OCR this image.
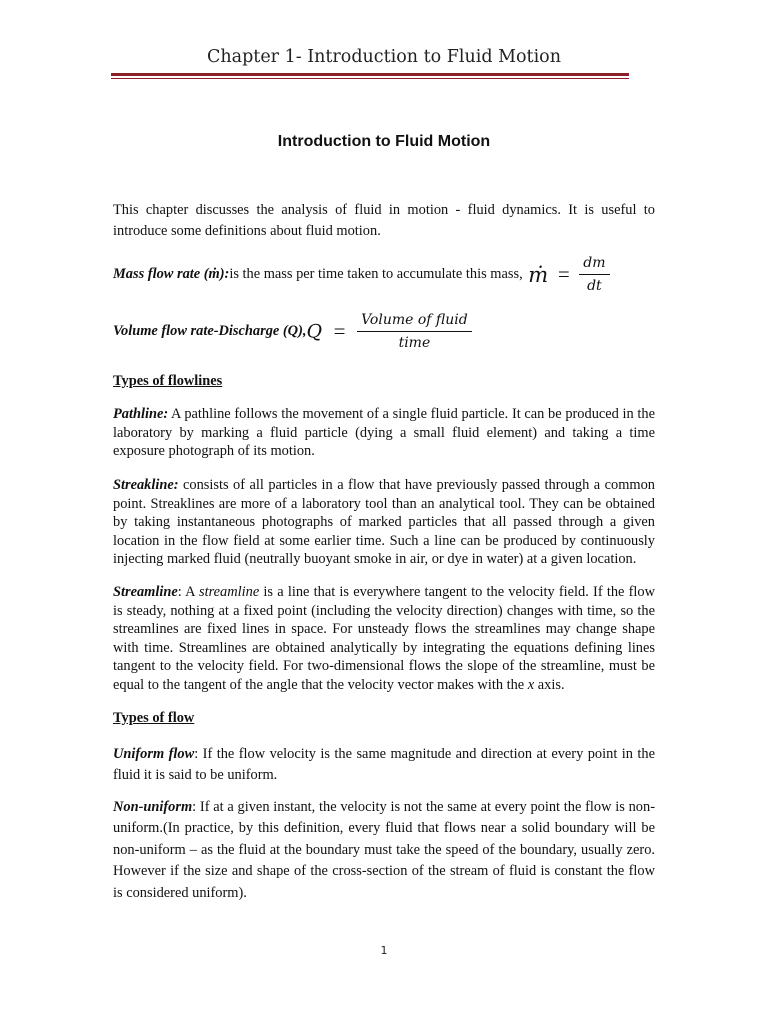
Chapter 1- Introduction to Fluid Motion
Introduction to Fluid Motion
This chapter discusses the analysis of fluid in motion - fluid dynamics. It is useful to introduce some definitions about fluid motion.
Mass flow rate (ṁ):is the mass per time taken to accumulate this mass, ṁ = $\frac{dm}{dt}$
Volume flow rate-Discharge $(Q),Q = \frac{\text{Volume of fluid}}{\text{time}}$
Types of flowlines
Pathline: A pathline follows the movement of a single fluid particle. It can be produced in the laboratory by marking a fluid particle (dying a small fluid element) and taking a time exposure photograph of its motion.
Streakline: consists of all particles in a flow that have previously passed through a common point. Streaklines are more of a laboratory tool than an analytical tool. They can be obtained by taking instantaneous photographs of marked particles that all passed through a given location in the flow field at some earlier time. Such a line can be produced by continuously injecting marked fluid (neutrally buoyant smoke in air, or dye in water) at a given location.
Streamline: A streamline is a line that is everywhere tangent to the velocity field. If the flow is steady, nothing at a fixed point (including the velocity direction) changes with time, so the streamlines are fixed lines in space. For unsteady flows the streamlines may change shape with time. Streamlines are obtained analytically by integrating the equations defining lines tangent to the velocity field. For two-dimensional flows the slope of the streamline, must be equal to the tangent of the angle that the velocity vector makes with the x axis.
Types of flow
Uniform flow: If the flow velocity is the same magnitude and direction at every point in the fluid it is said to be uniform.
Non-uniform: If at a given instant, the velocity is not the same at every point the flow is non-uniform.(In practice, by this definition, every fluid that flows near a solid boundary will be non-uniform – as the fluid at the boundary must take the speed of the boundary, usually zero. However if the size and shape of the cross-section of the stream of fluid is constant the flow is considered uniform).
1
